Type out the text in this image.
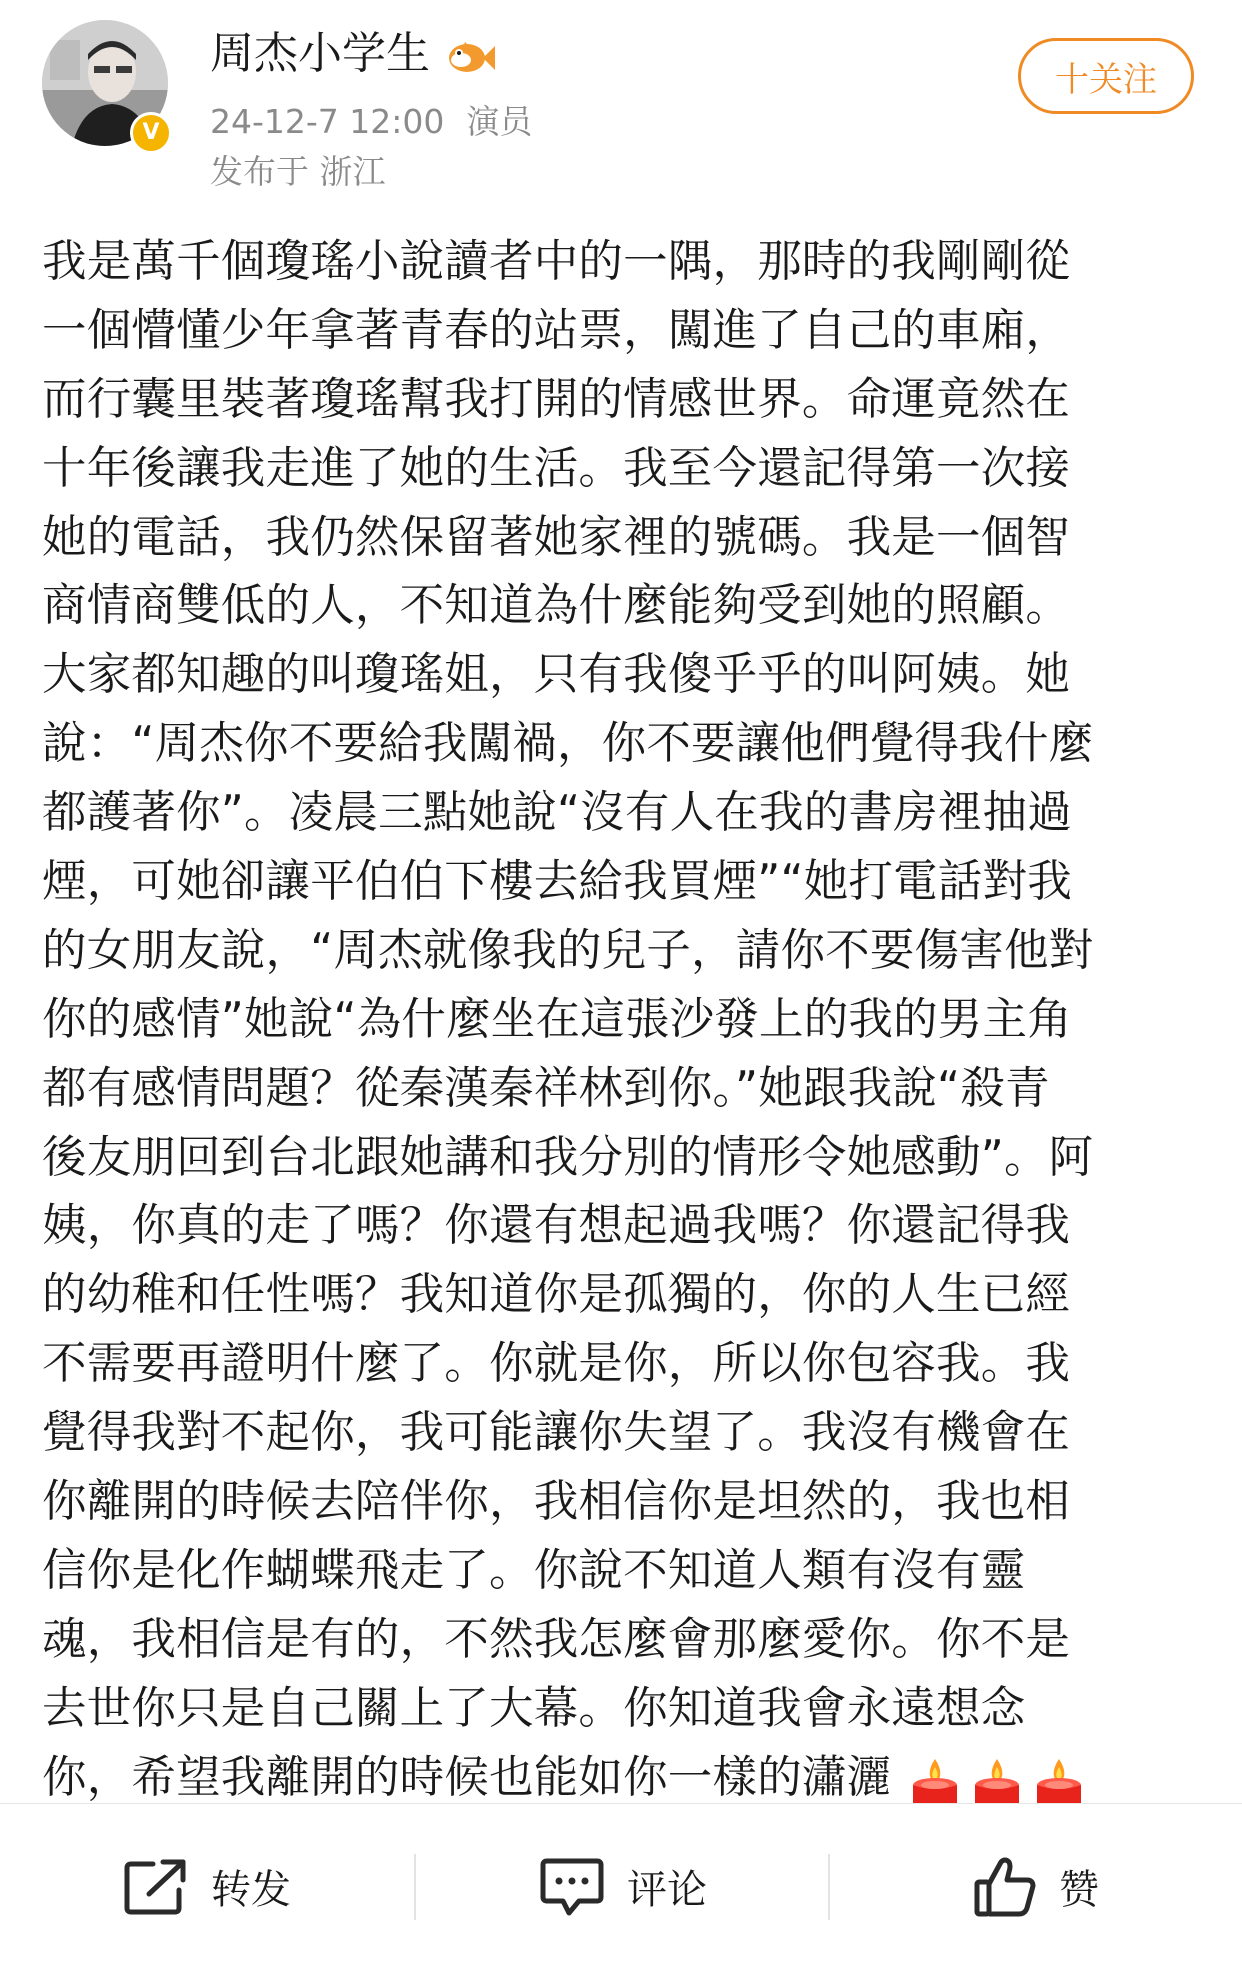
V
周杰小学生
24-12-7 12:00 演员
发布于 浙江
十关注
我是萬千個瓊瑤小說讀者中的一隅，那時的我剛剛從
一個懵懂少年拿著青春的站票，闖進了自己的車廂，
而行囊里裝著瓊瑤幫我打開的情感世界。命運竟然在
十年後讓我走進了她的生活。我至今還記得第一次接
她的電話，我仍然保留著她家裡的號碼。我是一個智
商情商雙低的人，不知道為什麼能夠受到她的照顧。
大家都知趣的叫瓊瑤姐，只有我傻乎乎的叫阿姨。她
說：“周杰你不要給我闖禍，你不要讓他們覺得我什麼
都護著你”。凌晨三點她說“沒有人在我的書房裡抽過
煙，可她卻讓平伯伯下樓去給我買煙”“她打電話對我
的女朋友說，“周杰就像我的兒子，請你不要傷害他對
你的感情”她說“為什麼坐在這張沙發上的我的男主角
都有感情問題？從秦漢秦祥林到你。”她跟我說“殺青
後友朋回到台北跟她講和我分別的情形令她感動”。阿
姨，你真的走了嗎？你還有想起過我嗎？你還記得我
的幼稚和任性嗎？我知道你是孤獨的，你的人生已經
不需要再證明什麼了。你就是你，所以你包容我。我
覺得我對不起你，我可能讓你失望了。我沒有機會在
你離開的時候去陪伴你，我相信你是坦然的，我也相
信你是化作蝴蝶飛走了。你說不知道人類有沒有靈
魂，我相信是有的，不然我怎麼會那麼愛你。你不是
去世你只是自己關上了大幕。你知道我會永遠想念
你，希望我離開的時候也能如你一樣的瀟灑
转发	评论	赞
